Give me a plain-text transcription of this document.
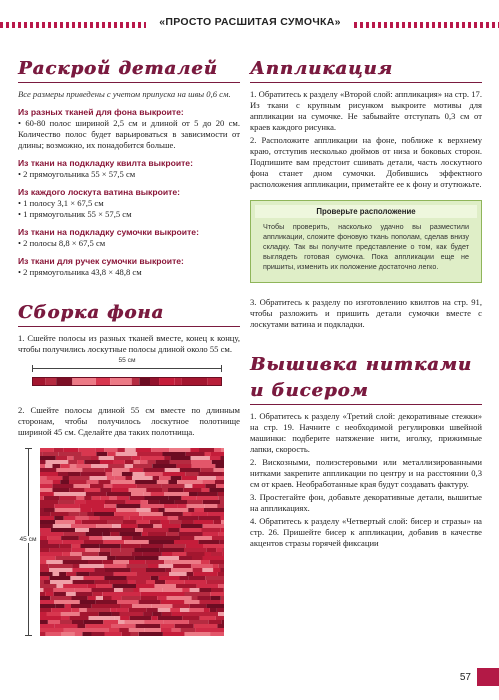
«ПРОСТО РАСШИТАЯ СУМОЧКА»
Раскрой деталей
Все размеры приведены с учетом припуска на швы 0,6 см.
Из разных тканей для фона выкроите:
• 60-80 полос шириной 2,5 см и длиной от 5 до 20 см. Количество полос будет варьироваться в зависимости от длины; возможно, их понадобится больше.
Из ткани на подкладку квилта выкроите:
• 2 прямоугольника 55 × 57,5 см
Из каждого лоскута ватина выкроите:
• 1 полосу 3,1 × 67,5 см
• 1 прямоугольник 55 × 57,5 см
Из ткани на подкладку сумочки выкроите:
• 2 полосы 8,8 × 67,5 см
Из ткани для ручек сумочки выкроите:
• 2 прямоугольника 43,8 × 48,8 см
Сборка фона
1. Сшейте полосы из разных тканей вместе, конец к концу, чтобы получились лоскутные полосы длиной около 55 см.
55 см
2. Сшейте полосы длиной 55 см вместе по длинным сторонам, чтобы получилось лоскутное полотнище шириной 45 см. Сделайте два таких полотнища.
45 см
Аппликация
1. Обратитесь к разделу «Второй слой: аппликация» на стр. 17. Из ткани с крупным рисунком выкроите мотивы для аппликации на сумочке. Не забывайте отступать 0,3 см от краев каждого рисунка.
2. Расположите аппликации на фоне, поближе к верхнему краю, отступив несколько дюймов от низа и боковых сторон. Подпишите вам предстоит сшивать детали, часть лоскутного фона станет дном сумочки. Добившись эффектного расположения аппликации, приметайте ее к фону и отутюжьте.
Проверьте расположение
Чтобы проверить, насколько удачно вы разместили аппликации, сложите фоновую ткань пополам, сделав внизу складку. Так вы получите представление о том, как будет выглядеть готовая сумочка. Пока аппликации еще не пришиты, изменить их положение достаточно легко.
3. Обратитесь к разделу по изготовлению квилтов на стр. 91, чтобы разложить и пришить детали сумочки вместе с лоскутами ватина и подкладки.
Вышивка нитками
и бисером
1. Обратитесь к разделу «Третий слой: декоративные стежки» на стр. 19. Начните с необходимой регулировки швейной машинки: подберите натяжение нити, иголку, прижимные лапки, скорость.
2. Вискозными, полиэстеровыми или металлизированными нитками закрепите аппликации по центру и на расстоянии 0,3 см от краев. Необработанные края будут создавать фактуру.
3. Простегайте фон, добавьте декоративные детали, вышитые на аппликациях.
4. Обратитесь к разделу «Четвертый слой: бисер и стразы» на стр. 26. Пришейте бисер к аппликации, добавив в качестве акцентов стразы горячей фиксации
57
